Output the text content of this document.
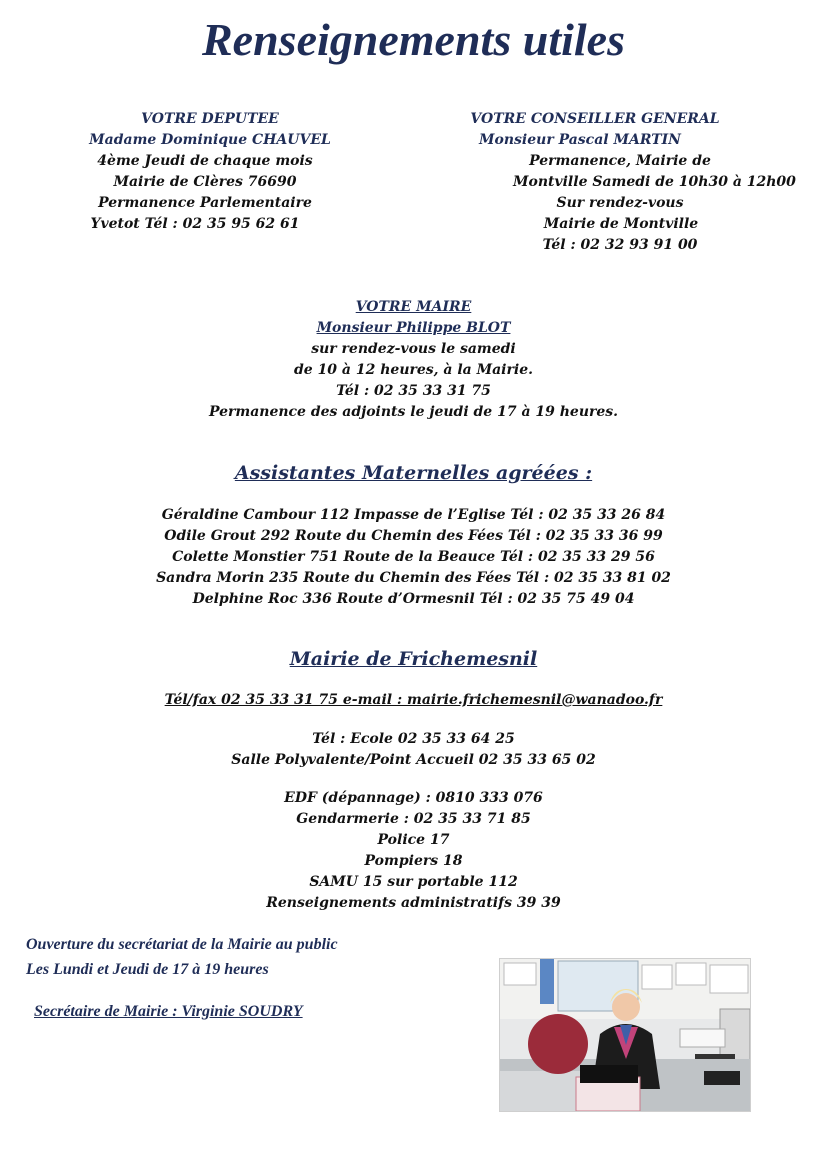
Renseignements utiles
VOTRE DEPUTEE
Madame Dominique CHAUVEL
4ème Jeudi de chaque mois
Mairie de Clères 76690
Permanence Parlementaire
Yvetot Tél : 02 35 95 62 61
VOTRE CONSEILLER GENERAL
Monsieur Pascal MARTIN
Permanence, Mairie de
Montville Samedi de 10h30 à 12h00
Sur rendez-vous
Mairie de Montville
Tél : 02 32 93 91 00
VOTRE MAIRE
Monsieur Philippe BLOT
sur rendez-vous le samedi
de 10 à 12 heures, à la Mairie.
Tél : 02 35 33 31 75
Permanence des adjoints le jeudi de 17 à 19 heures.
Assistantes Maternelles agréées :
Géraldine Cambour 112 Impasse de l’Eglise Tél : 02 35 33 26 84
Odile Grout 292 Route du Chemin des Fées Tél : 02 35 33 36 99
Colette Monstier 751 Route de la Beauce Tél : 02 35 33 29 56
Sandra Morin 235 Route du Chemin des Fées Tél : 02 35 33 81 02
Delphine Roc 336 Route d’Ormesnil Tél : 02 35 75 49 04
Mairie de Frichemesnil
Tél/fax 02 35 33 31 75 e-mail : mairie.frichemesnil@wanadoo.fr
Tél : Ecole 02 35 33 64 25
Salle Polyvalente/Point Accueil 02 35 33 65 02
EDF (dépannage) : 0810 333 076
Gendarmerie : 02 35 33 71 85
Police 17
Pompiers 18
SAMU 15 sur portable 112
Renseignements administratifs 39 39
Ouverture du secrétariat de la Mairie au public
Les Lundi et Jeudi de 17 à 19 heures
Secrétaire de Mairie : Virginie SOUDRY
